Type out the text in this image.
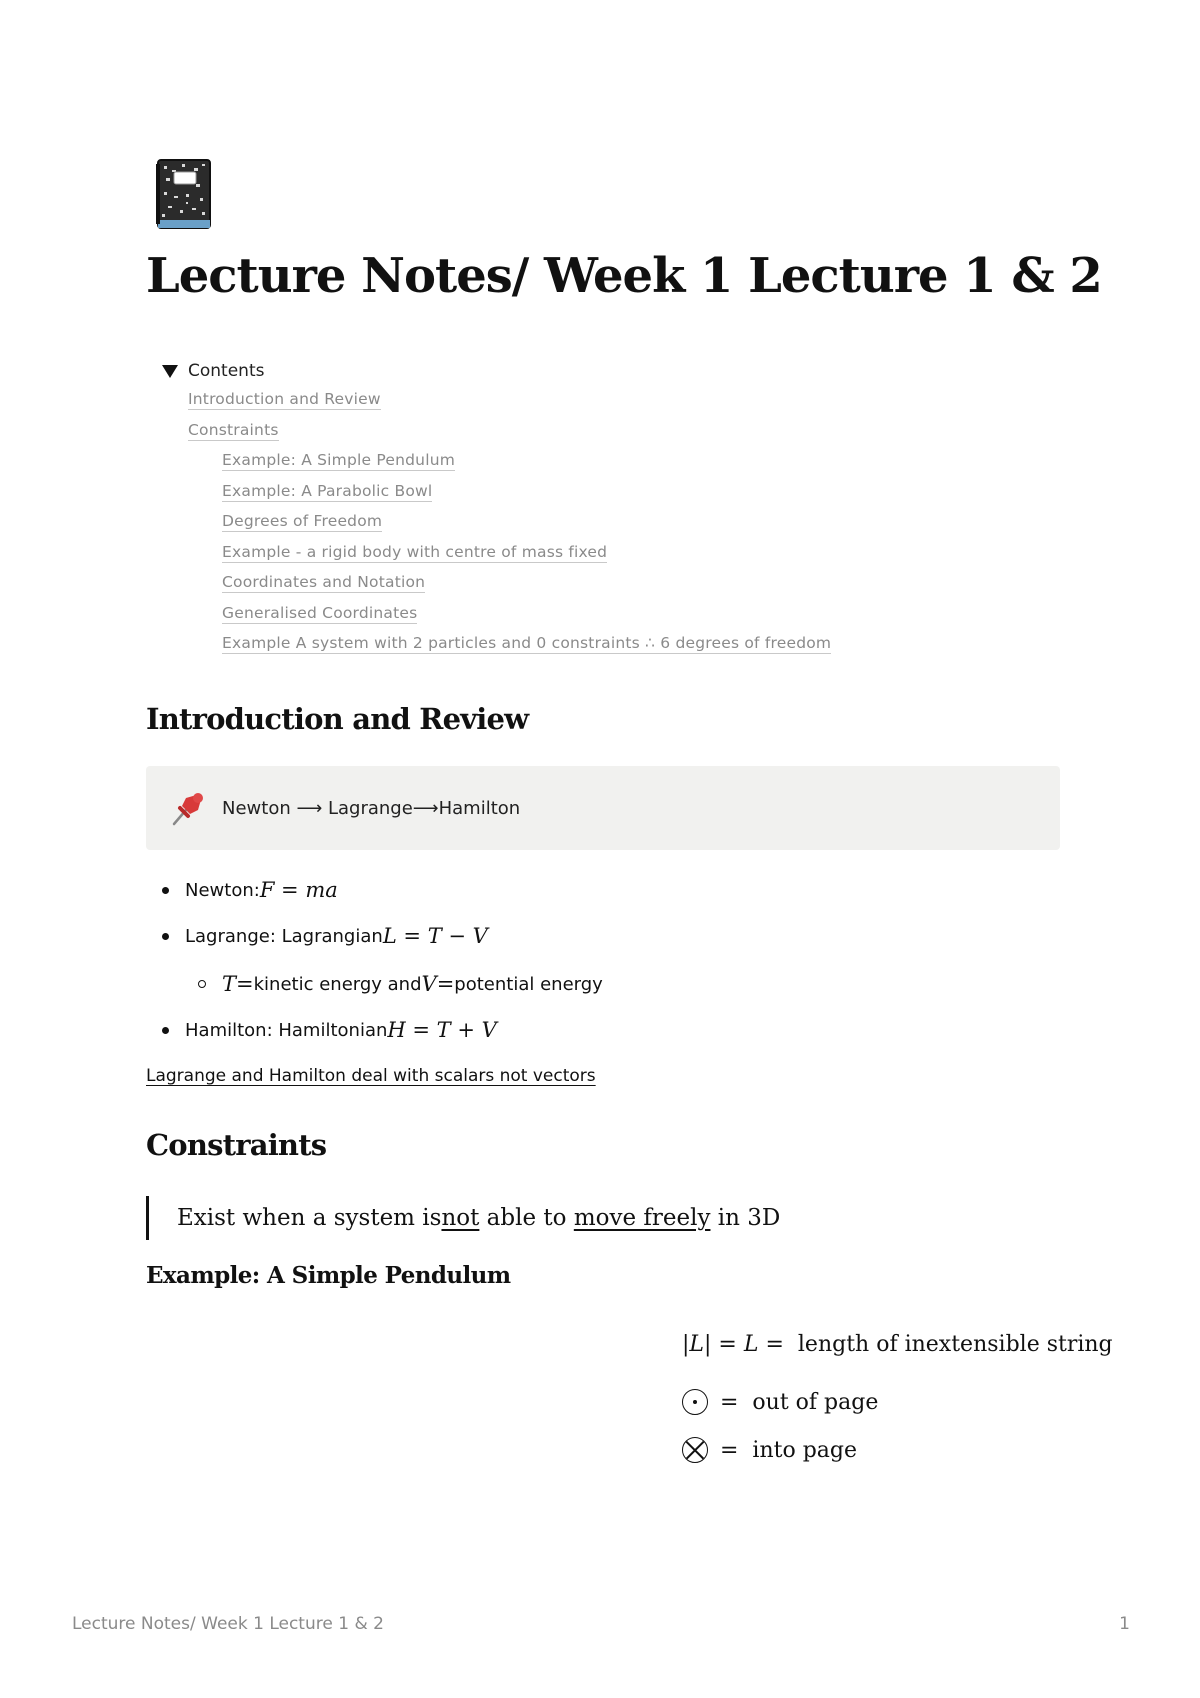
Lecture Notes/ Week 1 Lecture 1 & 2
Contents
Introduction and Review
Constraints
Example: A Simple Pendulum
Example: A Parabolic Bowl
Degrees of Freedom
Example - a rigid body with centre of mass fixed
Coordinates and Notation
Generalised Coordinates
Example A system with 2 particles and 0 constraints ∴ 6 degrees of freedom
Introduction and Review
Newton ⟶ Lagrange⟶Hamilton
Newton: F = ma
Lagrange: Lagrangian L = T − V
T = kinetic energy and V = potential energy
Hamilton: Hamiltonian H = T + V
Lagrange and Hamilton deal with scalars not vectors
Constraints
Exist when a system is not able to move freely in 3D
Example: A Simple Pendulum
|L| = L = length of inextensible string
=  out of page
=  into page
Lecture Notes/ Week 1 Lecture 1 & 2	1
